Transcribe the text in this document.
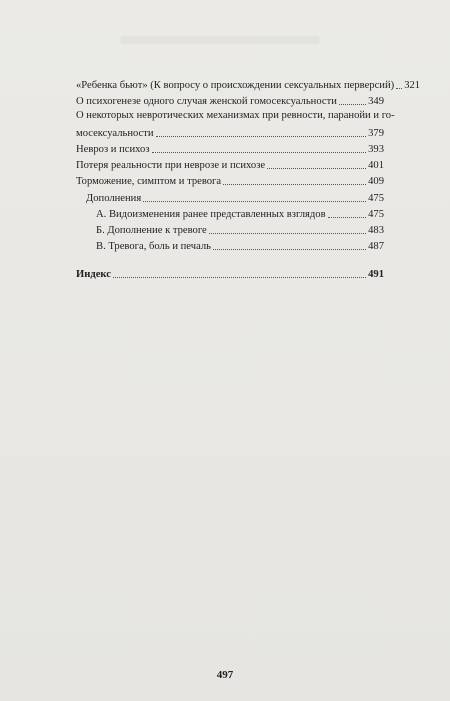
«Ребенка бьют» (К вопросу о происхождении сексуальных перверсий) 321
О психогенезе одного случая женской гомосексуальности	349
О некоторых невротических механизмах при ревности, паранойи и го-
мосексуальности	379
Невроз и психоз	393
Потеря реальности при неврозе и психозе	401
Торможение, симптом и тревога	409
Дополнения	475
А. Видоизменения ранее представленных взглядов	475
Б. Дополнение к тревоге	483
В. Тревога, боль и печаль	487
Индекс	491
497
